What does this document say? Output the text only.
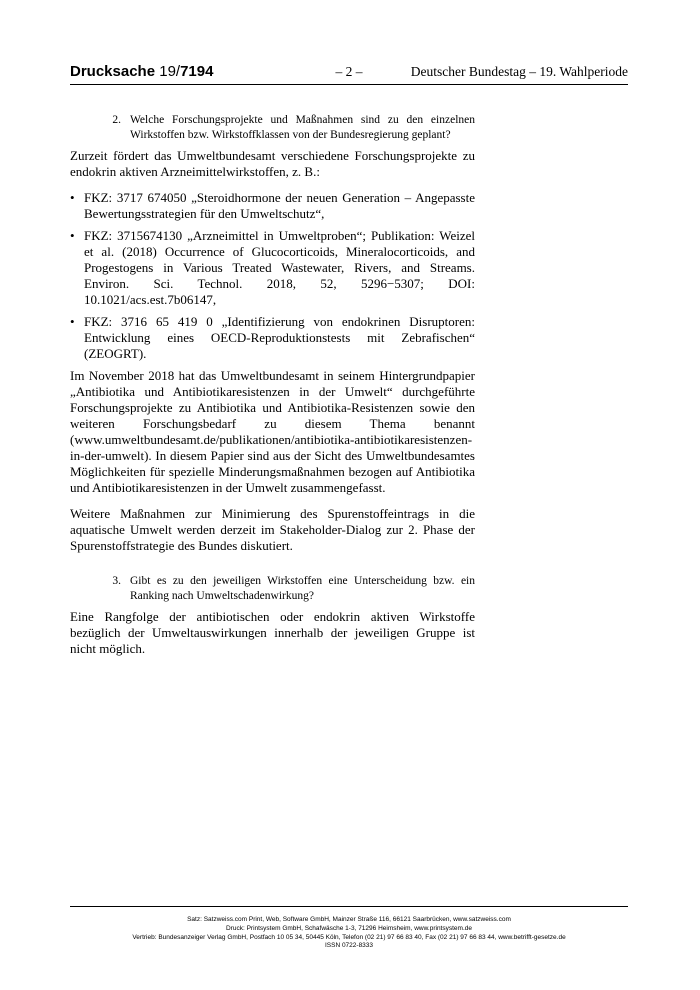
Drucksache 19/7194	– 2 –	Deutscher Bundestag – 19. Wahlperiode
2. Welche Forschungsprojekte und Maßnahmen sind zu den einzelnen Wirkstoffen bzw. Wirkstoffklassen von der Bundesregierung geplant?

Zurzeit fördert das Umweltbundesamt verschiedene Forschungsprojekte zu endokrin aktiven Arzneimittelwirkstoffen, z. B.:

• FKZ: 3717 674050 „Steroidhormone der neuen Generation – Angepasste Bewertungsstrategien für den Umweltschutz“,
• FKZ: 3715674130 „Arzneimittel in Umweltproben“; Publikation: Weizel et al. (2018) Occurrence of Glucocorticoids, Mineralocorticoids, and Progestogens in Various Treated Wastewater, Rivers, and Streams. Environ. Sci. Technol. 2018, 52, 5296−5307; DOI: 10.1021/acs.est.7b06147,
• FKZ: 3716 65 419 0 „Identifizierung von endokrinen Disruptoren: Entwicklung eines OECD-Reproduktionstests mit Zebrafischen“ (ZEOGRT).

Im November 2018 hat das Umweltbundesamt in seinem Hintergrundpapier „Antibiotika und Antibiotikaresistenzen in der Umwelt“ durchgeführte Forschungsprojekte zu Antibiotika und Antibiotika-Resistenzen sowie den weiteren Forschungsbedarf zu diesem Thema benannt (www.umweltbundesamt.de/publikationen/antibiotika-antibiotikaresistenzen-in-der-umwelt). In diesem Papier sind aus der Sicht des Umweltbundesamtes Möglichkeiten für spezielle Minderungsmaßnahmen bezogen auf Antibiotika und Antibiotikaresistenzen in der Umwelt zusammengefasst.

Weitere Maßnahmen zur Minimierung des Spurenstoffeintrags in die aquatische Umwelt werden derzeit im Stakeholder-Dialog zur 2. Phase der Spurenstoffstrategie des Bundes diskutiert.

3. Gibt es zu den jeweiligen Wirkstoffen eine Unterscheidung bzw. ein Ranking nach Umweltschadenwirkung?

Eine Rangfolge der antibiotischen oder endokrin aktiven Wirkstoffe bezüglich der Umweltauswirkungen innerhalb der jeweiligen Gruppe ist nicht möglich.

Satz: Satzweiss.com Print, Web, Software GmbH, Mainzer Straße 116, 66121 Saarbrücken, www.satzweiss.com
Druck: Printsystem GmbH, Schafwäsche 1-3, 71296 Heimsheim, www.printsystem.de
Vertrieb: Bundesanzeiger Verlag GmbH, Postfach 10 05 34, 50445 Köln, Telefon (02 21) 97 66 83 40, Fax (02 21) 97 66 83 44, www.betrifft-gesetze.de
ISSN 0722-8333
